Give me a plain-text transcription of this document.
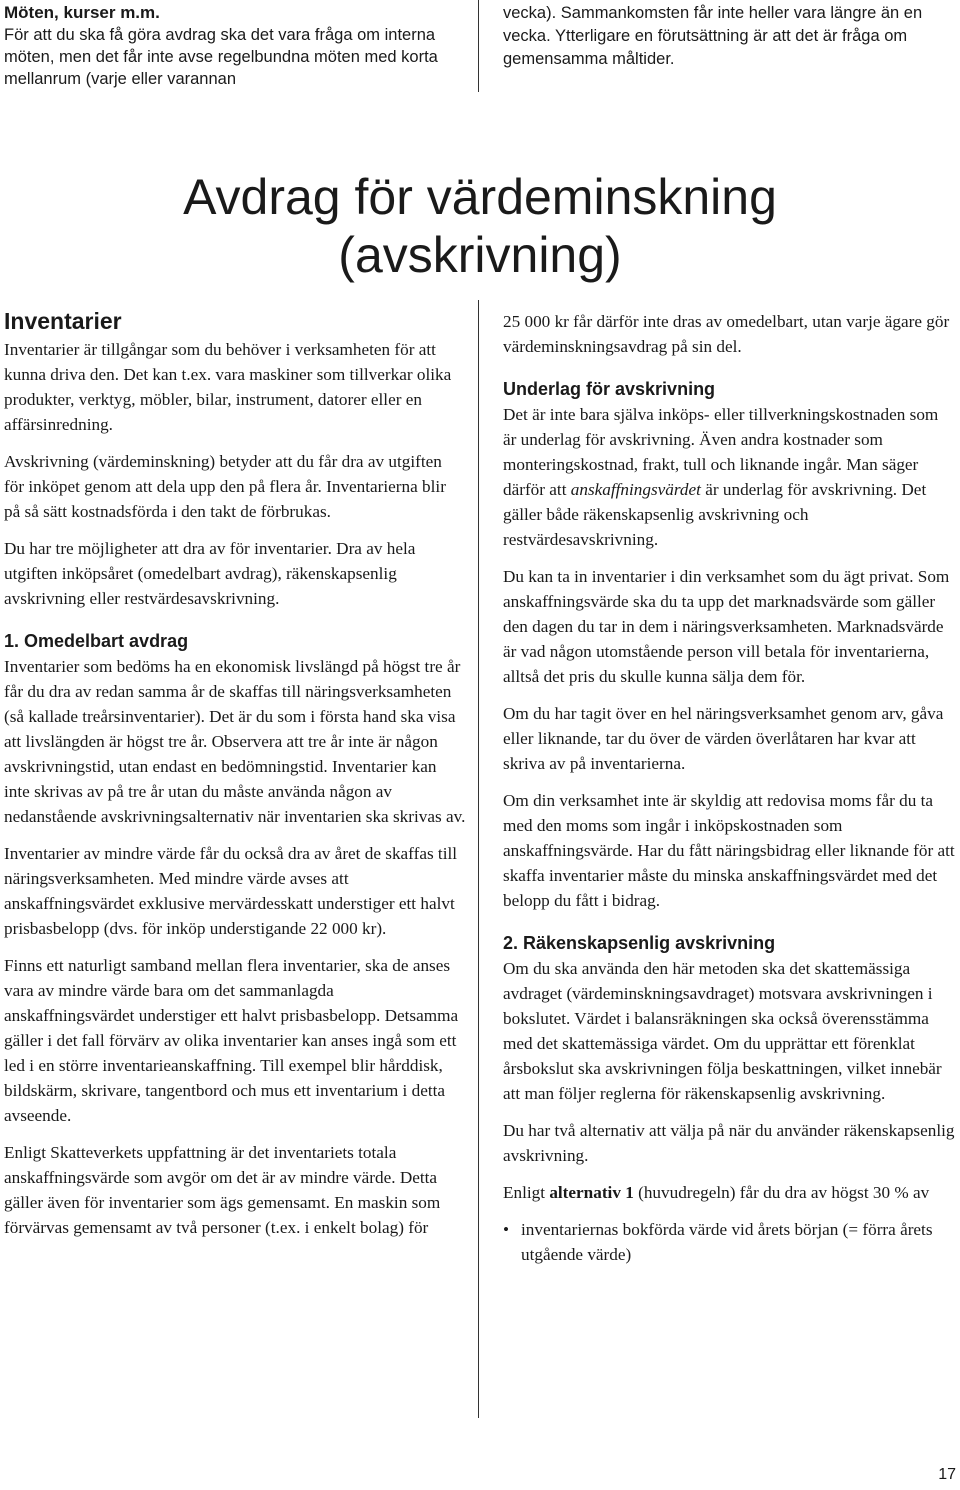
Möten, kurser m.m.

För att du ska få göra avdrag ska det vara fråga om interna möten, men det får inte avse regelbundna möten med korta mellanrum (varje eller varannan

vecka). Sammankomsten får inte heller vara längre än en vecka. Ytterligare en förutsättning är att det är fråga om gemensamma måltider.
Avdrag för värdeminskning
(avskrivning)
Inventarier

Inventarier är tillgångar som du behöver i verksamheten för att kunna driva den. Det kan t.ex. vara maskiner som tillverkar olika produkter, verktyg, möbler, bilar, instrument, datorer eller en affärsinredning.

Avskrivning (värdeminskning) betyder att du får dra av utgiften för inköpet genom att dela upp den på flera år. Inventarierna blir på så sätt kostnadsförda i den takt de förbrukas.

Du har tre möjligheter att dra av för inventarier. Dra av hela utgiften inköpsåret (omedelbart avdrag), räkenskapsenlig avskrivning eller restvärdesavskrivning.

1. Omedelbart avdrag

Inventarier som bedöms ha en ekonomisk livslängd på högst tre år får du dra av redan samma år de skaffas till näringsverksamheten (så kallade treårsinventarier). Det är du som i första hand ska visa att livslängden är högst tre år. Observera att tre år inte är någon avskrivningstid, utan endast en bedömningstid. Inventarier kan inte skrivas av på tre år utan du måste använda någon av nedanstående avskrivningsalternativ när inventarien ska skrivas av.

Inventarier av mindre värde får du också dra av året de skaffas till näringsverksamheten. Med mindre värde avses att anskaffningsvärdet exklusive mervärdesskatt understiger ett halvt prisbasbelopp (dvs. för inköp understigande 22 000 kr).

Finns ett naturligt samband mellan flera inventarier, ska de anses vara av mindre värde bara om det sammanlagda anskaffningsvärdet understiger ett halvt prisbasbelopp. Detsamma gäller i det fall förvärv av olika inventarier kan anses ingå som ett led i en större inventarieanskaffning. Till exempel blir hårddisk, bildskärm, skrivare, tangentbord och mus ett inventarium i detta avseende.

Enligt Skatteverkets uppfattning är det inventariets totala anskaffningsvärde som avgör om det är av mindre värde. Detta gäller även för inventarier som ägs gemensamt. En maskin som förvärvas gemensamt av två personer (t.ex. i enkelt bolag) för

25 000 kr får därför inte dras av omedelbart, utan varje ägare gör värdeminskningsavdrag på sin del.

Underlag för avskrivning

Det är inte bara själva inköps- eller tillverkningskostnaden som är underlag för avskrivning. Även andra kostnader som monteringskostnad, frakt, tull och liknande ingår. Man säger därför att anskaffningsvärdet är underlag för avskrivning. Det gäller både räkenskapsenlig avskrivning och restvärdesavskrivning.

Du kan ta in inventarier i din verksamhet som du ägt privat. Som anskaffningsvärde ska du ta upp det marknadsvärde som gäller den dagen du tar in dem i näringsverksamheten. Marknadsvärde är vad någon utomstående person vill betala för inventarierna, alltså det pris du skulle kunna sälja dem för.

Om du har tagit över en hel näringsverksamhet genom arv, gåva eller liknande, tar du över de värden överlåtaren har kvar att skriva av på inventarierna.

Om din verksamhet inte är skyldig att redovisa moms får du ta med den moms som ingår i inköpskostnaden som anskaffningsvärde. Har du fått näringsbidrag eller liknande för att skaffa inventarier måste du minska anskaffningsvärdet med det belopp du fått i bidrag.

2. Räkenskapsenlig avskrivning

Om du ska använda den här metoden ska det skattemässiga avdraget (värdeminskningsavdraget) motsvara avskrivningen i bokslutet. Värdet i balansräkningen ska också överensstämma med det skattemässiga värdet. Om du upprättar ett förenklat årsbokslut ska avskrivningen följa beskattningen, vilket innebär att man följer reglerna för räkenskapsenlig avskrivning.

Du har två alternativ att välja på när du använder räkenskapsenlig avskrivning.

Enligt alternativ 1 (huvudregeln) får du dra av högst 30 % av

• inventariernas bokförda värde vid årets början (= förra årets utgående värde)
17
